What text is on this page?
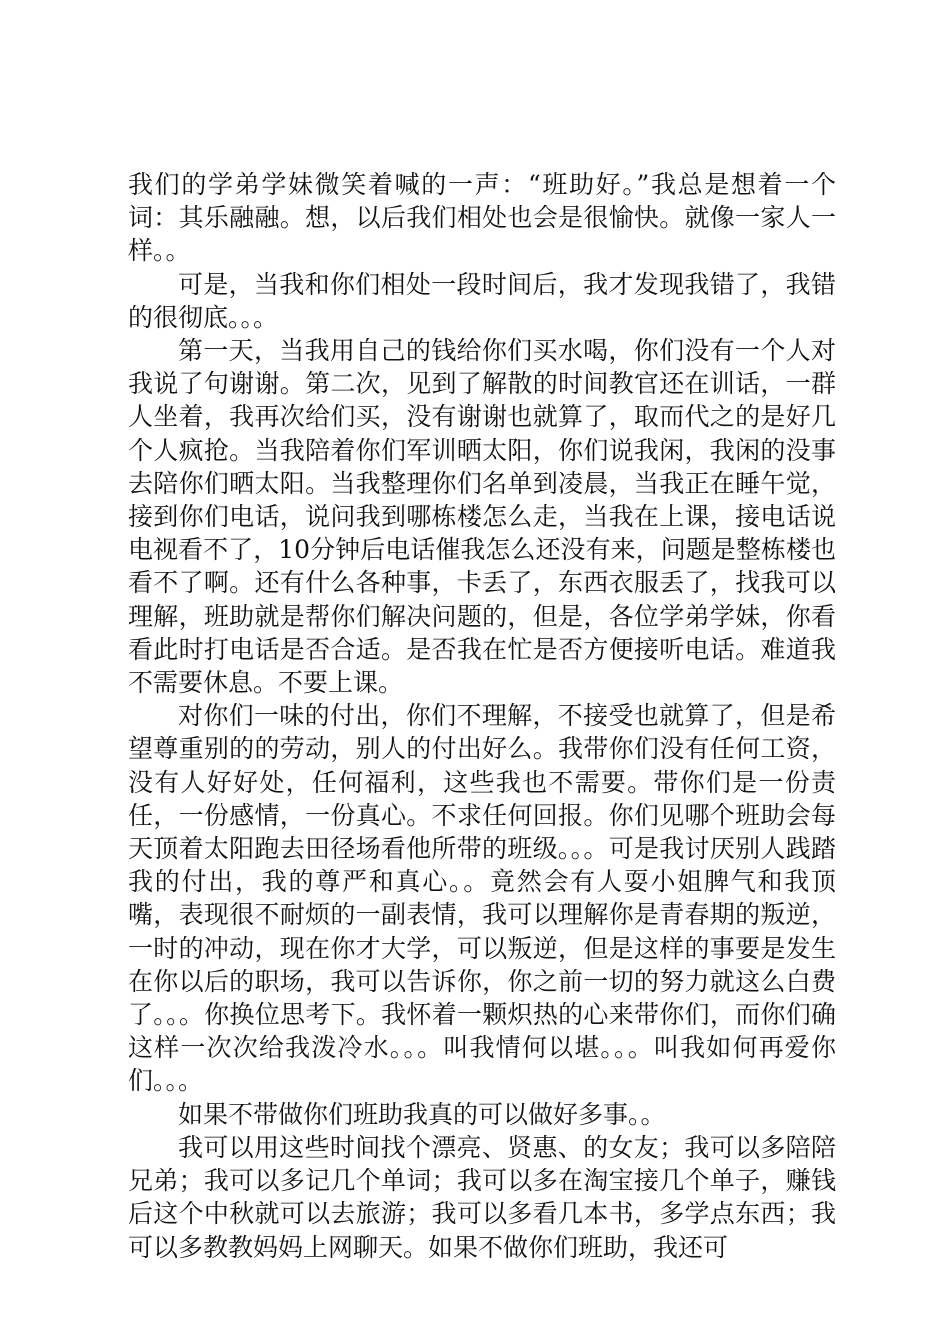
我们的学弟学妹微笑着喊的一声：“班助好。”我总是想着一个词：其乐融融。想，以后我们相处也会是很愉快。就像一家人一样。。

可是，当我和你们相处一段时间后，我才发现我错了，我错的很彻底。。。

第一天，当我用自己的钱给你们买水喝，你们没有一个人对我说了句谢谢。第二次，见到了解散的时间教官还在训话，一群人坐着，我再次给们买，没有谢谢也就算了，取而代之的是好几个人疯抢。当我陪着你们军训晒太阳，你们说我闲，我闲的没事去陪你们晒太阳。当我整理你们名单到凌晨，当我正在睡午觉，接到你们电话，说问我到哪栋楼怎么走，当我在上课，接电话说电视看不了，10分钟后电话催我怎么还没有来，问题是整栋楼也看不了啊。还有什么各种事，卡丢了，东西衣服丢了，找我可以理解，班助就是帮你们解决问题的，但是，各位学弟学妹，你看看此时打电话是否合适。是否我在忙是否方便接听电话。难道我不需要休息。不要上课。

对你们一味的付出，你们不理解，不接受也就算了，但是希望尊重别的的劳动，别人的付出好么。我带你们没有任何工资，没有人好好处，任何福利，这些我也不需要。带你们是一份责任，一份感情，一份真心。不求任何回报。你们见哪个班助会每天顶着太阳跑去田径场看他所带的班级。。。可是我讨厌别人践踏我的付出，我的尊严和真心。。竟然会有人耍小姐脾气和我顶嘴，表现很不耐烦的一副表情，我可以理解你是青春期的叛逆，一时的冲动，现在你才大学，可以叛逆，但是这样的事要是发生在你以后的职场，我可以告诉你，你之前一切的努力就这么白费了。。。你换位思考下。我怀着一颗炽热的心来带你们，而你们确这样一次次给我泼冷水。。。叫我情何以堪。。。叫我如何再爱你们。。。

如果不带做你们班助我真的可以做好多事。。

我可以用这些时间找个漂亮、贤惠、的女友；我可以多陪陪兄弟；我可以多记几个单词；我可以多在淘宝接几个单子，赚钱后这个中秋就可以去旅游；我可以多看几本书，多学点东西；我可以多教教妈妈上网聊天。如果不做你们班助，我还可
